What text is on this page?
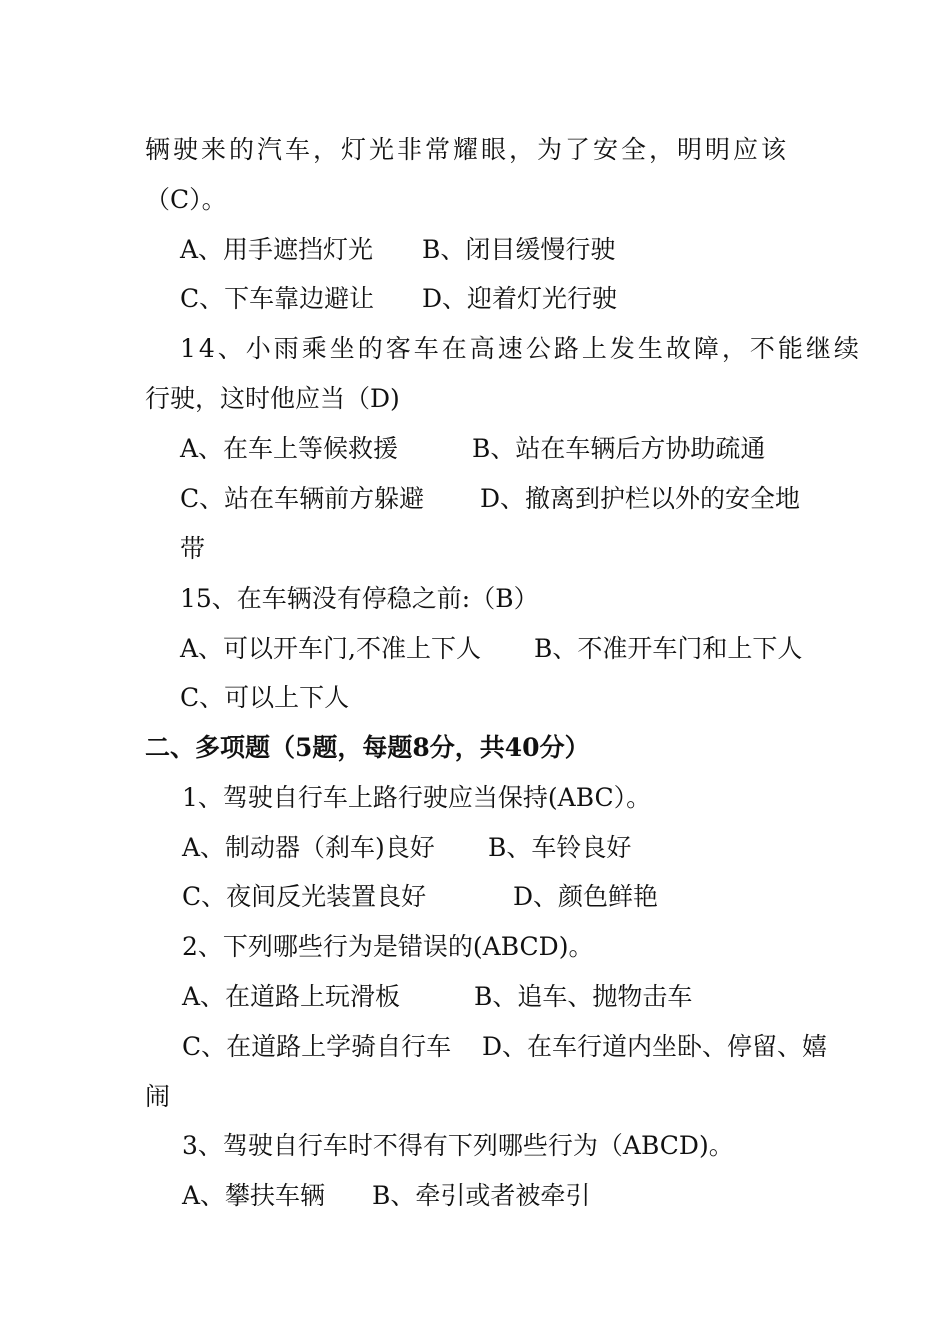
辆驶来的汽车，灯光非常耀眼，为了安全，明明应该
（C）。
A、用手遮挡灯光 B、闭目缓慢行驶
C、下车靠边避让 D、迎着灯光行驶
14、小雨乘坐的客车在高速公路上发生故障，不能继续
行驶，这时他应当（D)
A、在车上等候救援	B、站在车辆后方协助疏通
C、站在车辆前方躲避 D、撤离到护栏以外的安全地
带
15、在车辆没有停稳之前:（B）
A、可以开车门,不准上下人 B、不准开车门和上下人
C、可以上下人
二、多项题（5题，每题8分，共40分）
1、驾驶自行车上路行驶应当保持(ABC）。
A、制动器（刹车)良好 B、车铃良好
C、夜间反光装置良好	D、颜色鲜艳
2、下列哪些行为是错误的(ABCD)。
A、在道路上玩滑板	B、追车、抛物击车
C、在道路上学骑自行车 D、在车行道内坐卧、停留、嬉
闹
3、驾驶自行车时不得有下列哪些行为（ABCD)。
A、攀扶车辆 B、牵引或者被牵引
